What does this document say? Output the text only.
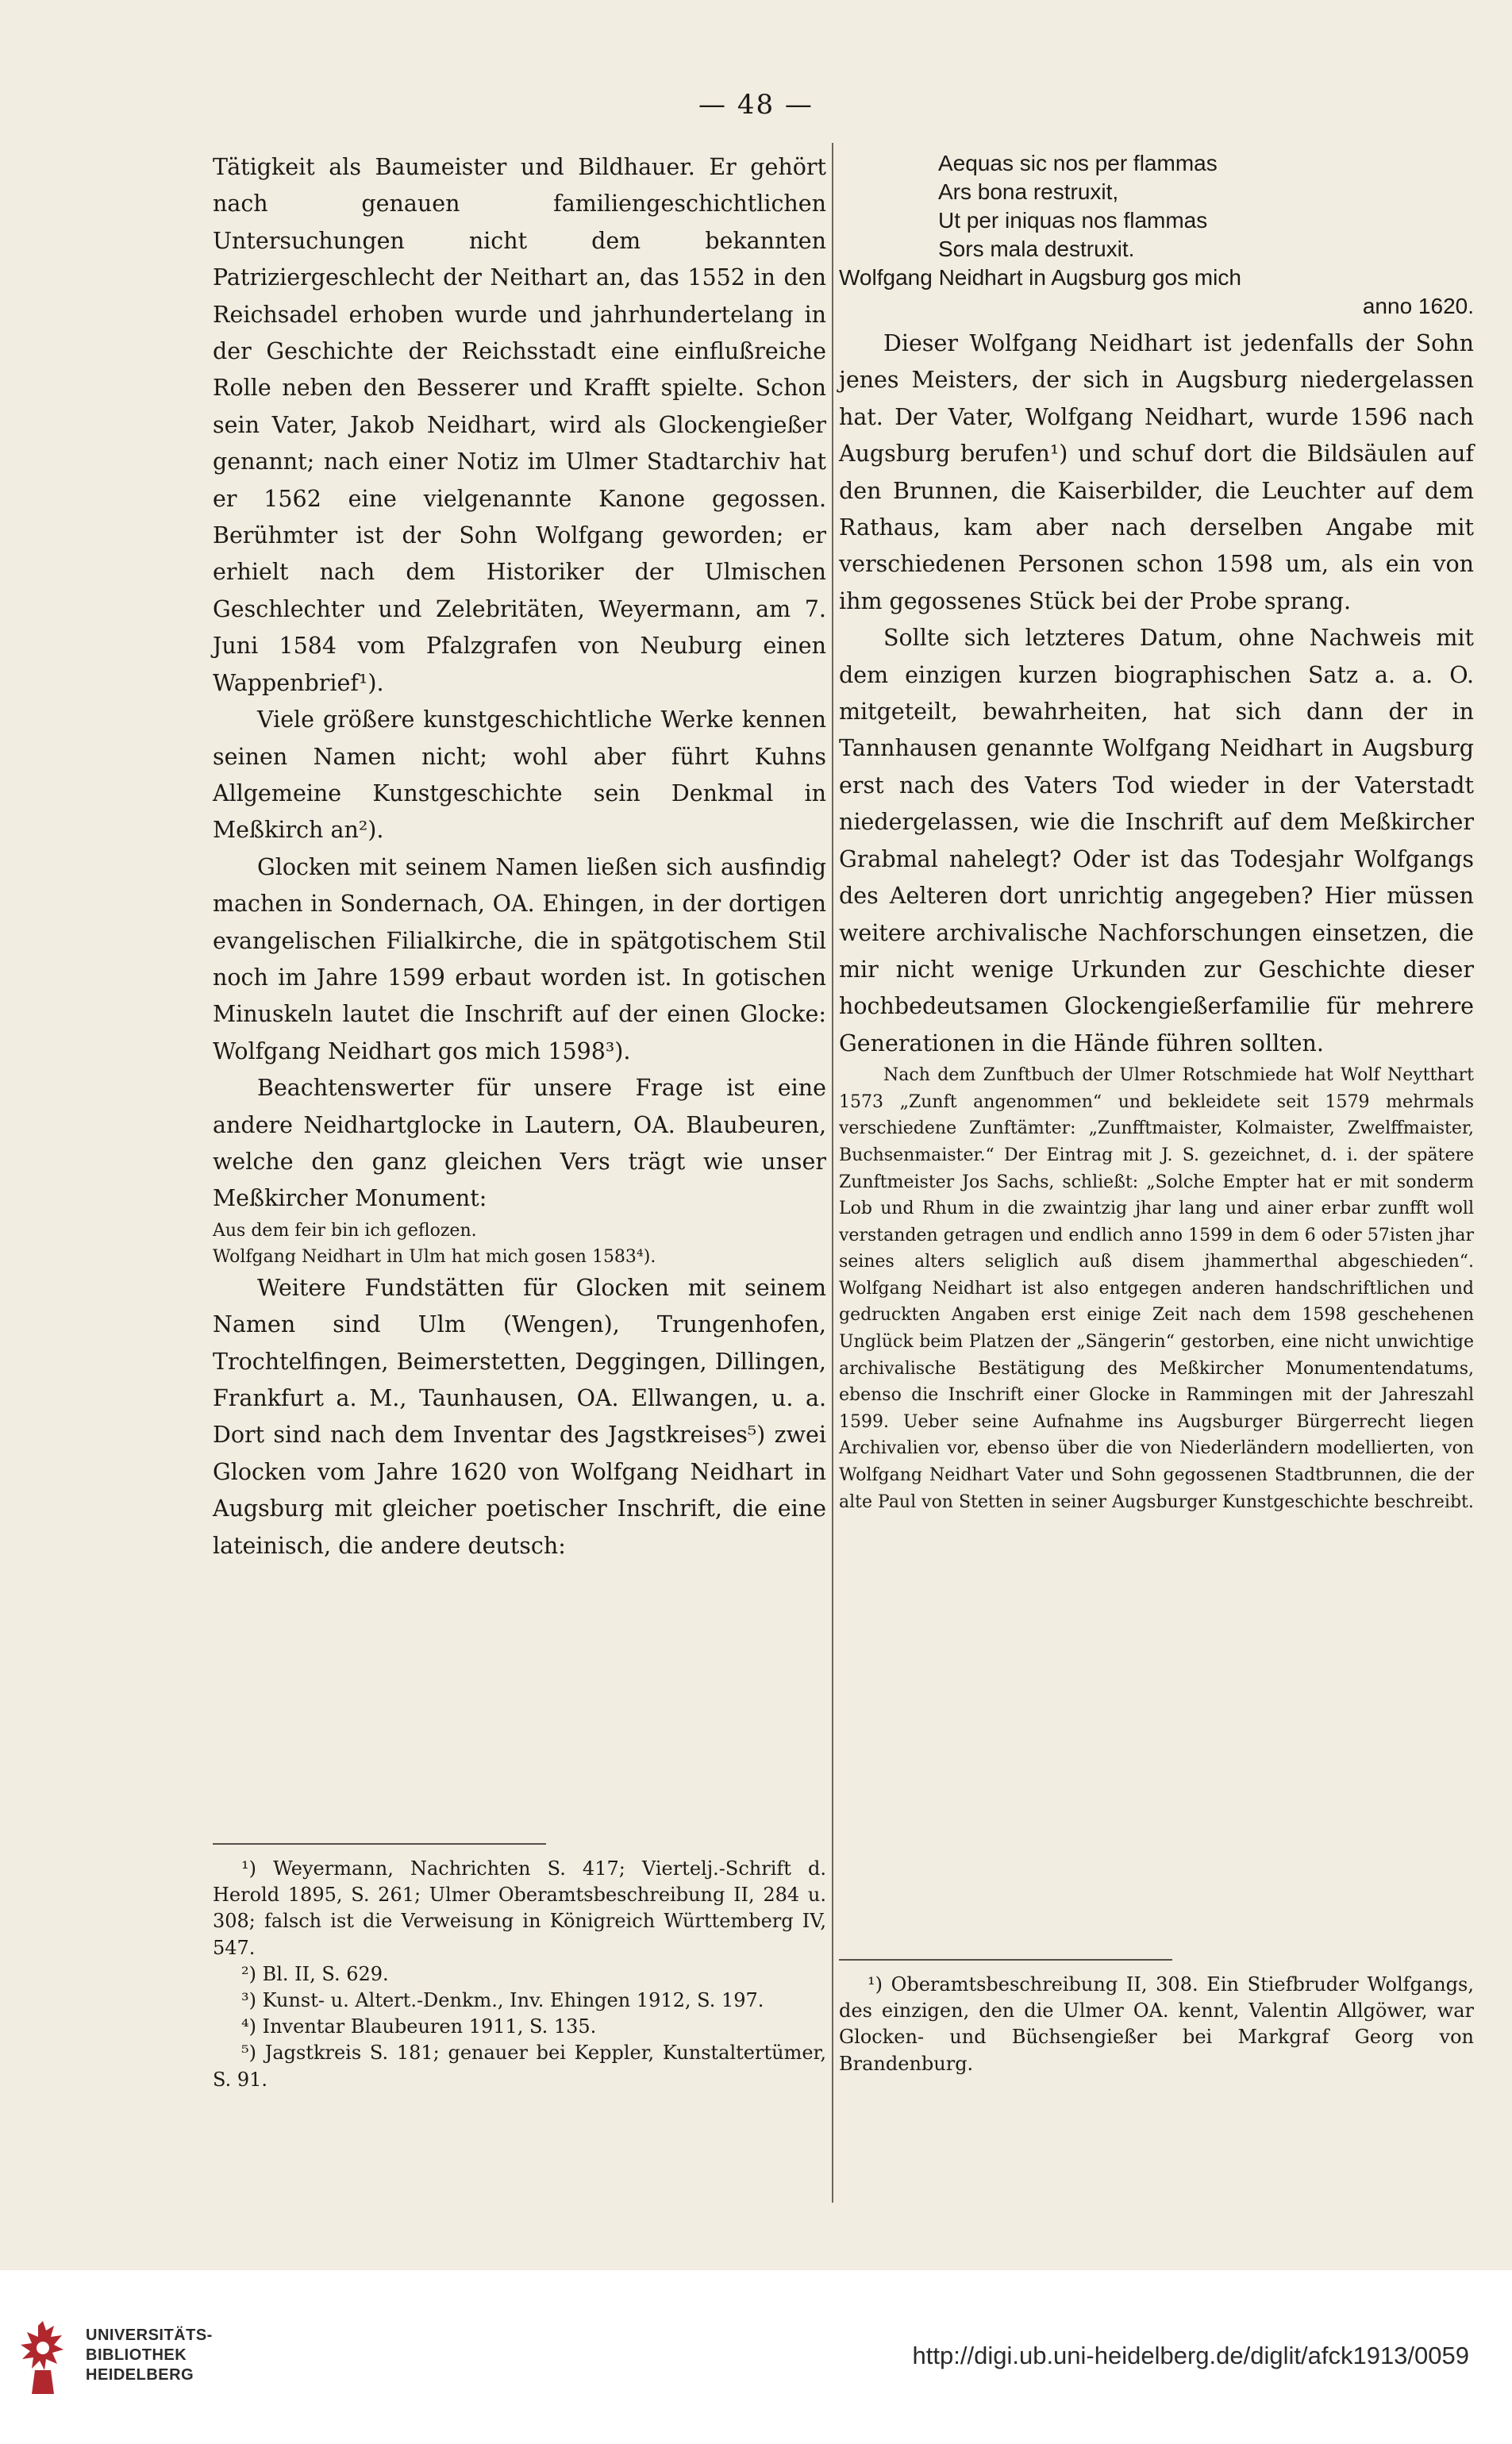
— 48 —

Tätigkeit als Baumeister und Bildhauer. Er gehört nach genauen familiengeschichtlichen Untersuchungen nicht dem bekannten Patriziergeschlecht der Neithart an, das 1552 in den Reichsadel erhoben wurde und jahrhundertelang in der Geschichte der Reichsstadt eine einflußreiche Rolle neben den Besserer und Krafft spielte. Schon sein Vater, Jakob Neidhart, wird als Glockengießer genannt; nach einer Notiz im Ulmer Stadtarchiv hat er 1562 eine vielgenannte Kanone gegossen. Berühmter ist der Sohn Wolfgang geworden; er erhielt nach dem Historiker der Ulmischen Geschlechter und Zelebritäten, Weyermann, am 7. Juni 1584 vom Pfalzgrafen von Neuburg einen Wappenbrief¹).

Viele größere kunstgeschichtliche Werke kennen seinen Namen nicht; wohl aber führt Kuhns Allgemeine Kunstgeschichte sein Denkmal in Meßkirch an²).

Glocken mit seinem Namen ließen sich ausfindig machen in Sondernach, OA. Ehingen, in der dortigen evangelischen Filialkirche, die in spätgotischem Stil noch im Jahre 1599 erbaut worden ist. In gotischen Minuskeln lautet die Inschrift auf der einen Glocke: Wolfgang Neidhart gos mich 1598³).

Beachtenswerter für unsere Frage ist eine andere Neidhartglocke in Lautern, OA. Blaubeuren, welche den ganz gleichen Vers trägt wie unser Meßkircher Monument:

Aus dem feir bin ich geflozen.

Wolfgang Neidhart in Ulm hat mich gosen 1583⁴).

Weitere Fundstätten für Glocken mit seinem Namen sind Ulm (Wengen), Trungenhofen, Trochtelfingen, Beimerstetten, Deggingen, Dillingen, Frankfurt a. M., Taunhausen, OA. Ellwangen, u. a. Dort sind nach dem Inventar des Jagstkreises⁵) zwei Glocken vom Jahre 1620 von Wolfgang Neidhart in Augsburg mit gleicher poetischer Inschrift, die eine lateinisch, die andere deutsch:

¹) Weyermann, Nachrichten S. 417; Viertelj.-Schrift d. Herold 1895, S. 261; Ulmer Oberamtsbeschreibung II, 284 u. 308; falsch ist die Verweisung in Königreich Württemberg IV, 547.

²) Bl. II, S. 629.

³) Kunst- u. Altert.-Denkm., Inv. Ehingen 1912, S. 197.

⁴) Inventar Blaubeuren 1911, S. 135.

⁵) Jagstkreis S. 181; genauer bei Keppler, Kunstaltertümer, S. 91.

Aequas sic nos per flammas
Ars bona restruxit,
Ut per iniquas nos flammas
Sors mala destruxit.
Wolfgang Neidhart in Augsburg gos mich
anno 1620.

Dieser Wolfgang Neidhart ist jedenfalls der Sohn jenes Meisters, der sich in Augsburg niedergelassen hat. Der Vater, Wolfgang Neidhart, wurde 1596 nach Augsburg berufen¹) und schuf dort die Bildsäulen auf den Brunnen, die Kaiserbilder, die Leuchter auf dem Rathaus, kam aber nach derselben Angabe mit verschiedenen Personen schon 1598 um, als ein von ihm gegossenes Stück bei der Probe sprang.

Sollte sich letzteres Datum, ohne Nachweis mit dem einzigen kurzen biographischen Satz a. a. O. mitgeteilt, bewahrheiten, hat sich dann der in Tannhausen genannte Wolfgang Neidhart in Augsburg erst nach des Vaters Tod wieder in der Vaterstadt niedergelassen, wie die Inschrift auf dem Meßkircher Grabmal nahelegt? Oder ist das Todesjahr Wolfgangs des Aelteren dort unrichtig angegeben? Hier müssen weitere archivalische Nachforschungen einsetzen, die mir nicht wenige Urkunden zur Geschichte dieser hochbedeutsamen Glockengießerfamilie für mehrere Generationen in die Hände führen sollten.

Nach dem Zunftbuch der Ulmer Rotschmiede hat Wolf Neytthart 1573 „Zunft angenommen“ und bekleidete seit 1579 mehrmals verschiedene Zunftämter: „Zunfftmaister, Kolmaister, Zwelffmaister, Buchsenmaister.“ Der Eintrag mit J. S. gezeichnet, d. i. der spätere Zunftmeister Jos Sachs, schließt: „Solche Empter hat er mit sonderm Lob und Rhum in die zwaintzig jhar lang und ainer erbar zunfft woll verstanden getragen und endlich anno 1599 in dem 6 oder 57isten jhar seines alters seliglich auß disem jhammerthal abgeschieden“. Wolfgang Neidhart ist also entgegen anderen handschriftlichen und gedruckten Angaben erst einige Zeit nach dem 1598 geschehenen Unglück beim Platzen der „Sängerin“ gestorben, eine nicht unwichtige archivalische Bestätigung des Meßkircher Monumentendatums, ebenso die Inschrift einer Glocke in Rammingen mit der Jahreszahl 1599. Ueber seine Aufnahme ins Augsburger Bürgerrecht liegen Archivalien vor, ebenso über die von Niederländern modellierten, von Wolfgang Neidhart Vater und Sohn gegossenen Stadtbrunnen, die der alte Paul von Stetten in seiner Augsburger Kunstgeschichte beschreibt.

¹) Oberamtsbeschreibung II, 308. Ein Stiefbruder Wolfgangs, des einzigen, den die Ulmer OA. kennt, Valentin Allgöwer, war Glocken- und Büchsengießer bei Markgraf Georg von Brandenburg.

UNIVERSITÄTS-
BIBLIOTHEK
HEIDELBERG
http://digi.ub.uni-heidelberg.de/diglit/afck1913/0059
